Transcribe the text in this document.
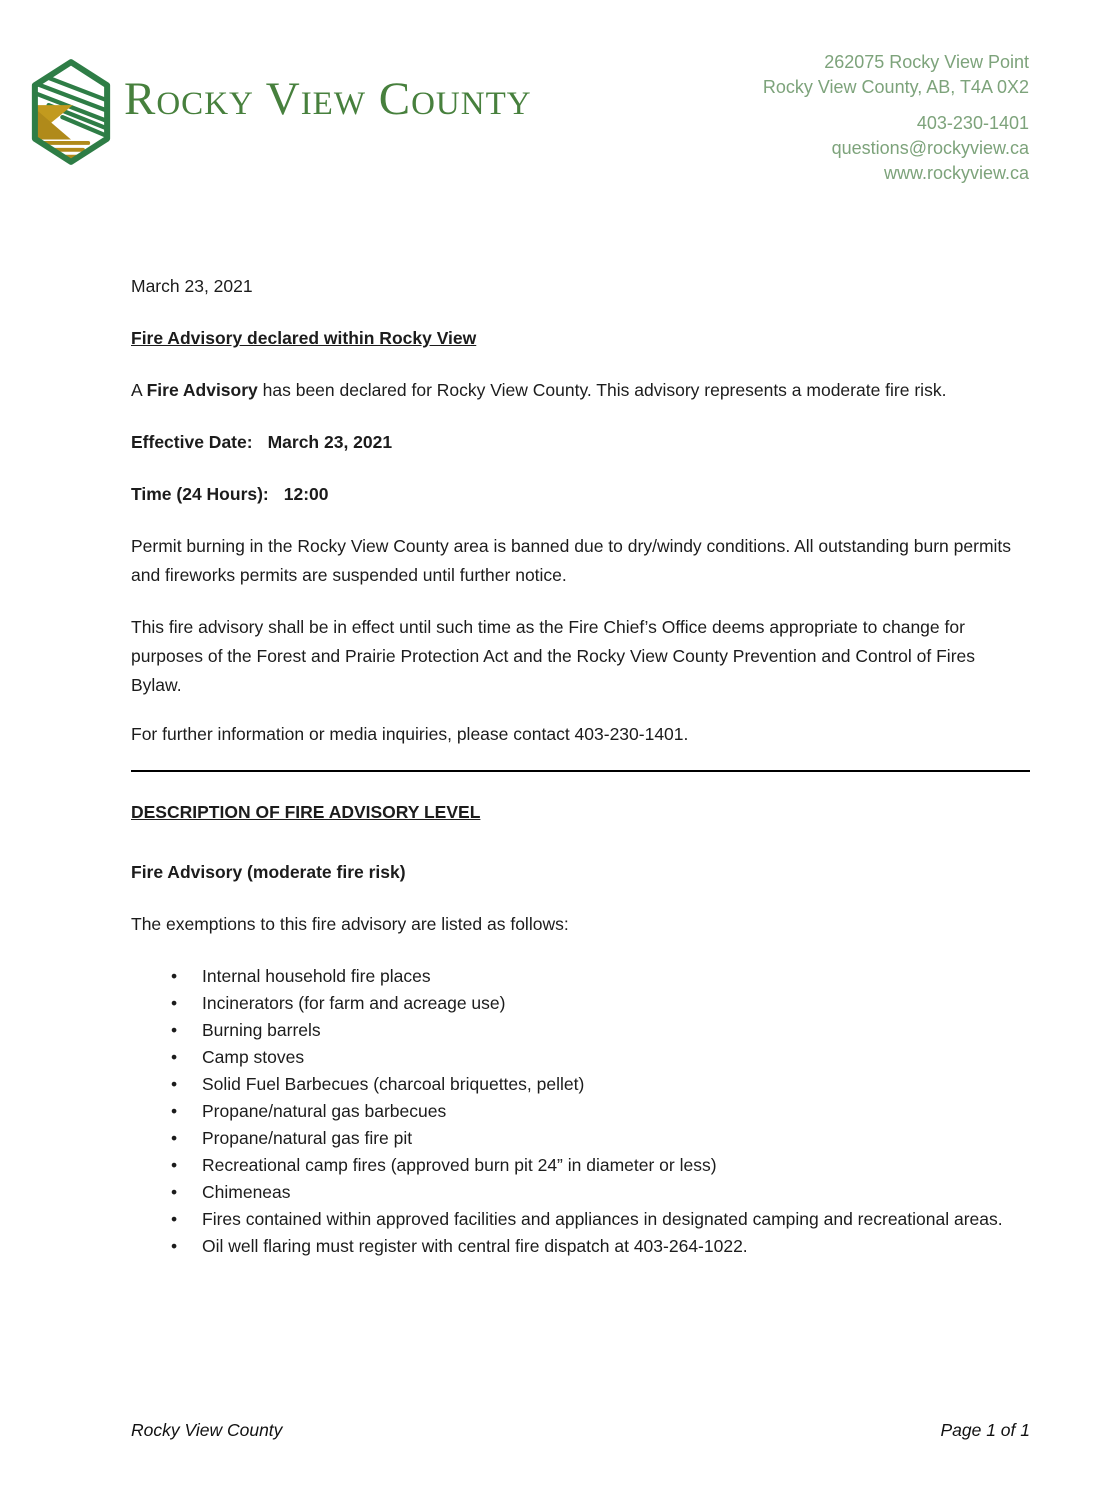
Rocky View County
262075 Rocky View Point
Rocky View County, AB, T4A 0X2
403-230-1401
questions@rockyview.ca
www.rockyview.ca
March 23, 2021
Fire Advisory declared within Rocky View

A Fire Advisory has been declared for Rocky View County. This advisory represents a moderate fire risk.

Effective Date: March 23, 2021
Time (24 Hours): 12:00

Permit burning in the Rocky View County area is banned due to dry/windy conditions. All outstanding burn permits and fireworks permits are suspended until further notice.

This fire advisory shall be in effect until such time as the Fire Chief’s Office deems appropriate to change for purposes of the Forest and Prairie Protection Act and the Rocky View County Prevention and Control of Fires Bylaw.

For further information or media inquiries, please contact 403-230-1401.

DESCRIPTION OF FIRE ADVISORY LEVEL
Fire Advisory (moderate fire risk)
The exemptions to this fire advisory are listed as follows:
• Internal household fire places
• Incinerators (for farm and acreage use)
• Burning barrels
• Camp stoves
• Solid Fuel Barbecues (charcoal briquettes, pellet)
• Propane/natural gas barbecues
• Propane/natural gas fire pit
• Recreational camp fires (approved burn pit 24” in diameter or less)
• Chimeneas
• Fires contained within approved facilities and appliances in designated camping and recreational areas.
• Oil well flaring must register with central fire dispatch at 403-264-1022.
Rocky View County	Page 1 of 1
